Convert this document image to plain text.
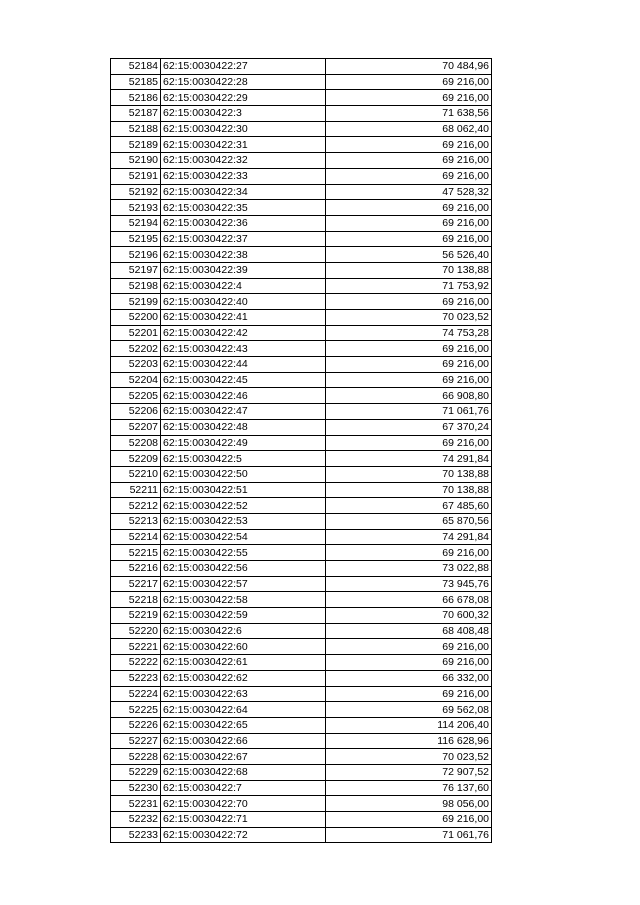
52184	62:15:0030422:27	70 484,96
52185	62:15:0030422:28	69 216,00
52186	62:15:0030422:29	69 216,00
52187	62:15:0030422:3	71 638,56
52188	62:15:0030422:30	68 062,40
52189	62:15:0030422:31	69 216,00
52190	62:15:0030422:32	69 216,00
52191	62:15:0030422:33	69 216,00
52192	62:15:0030422:34	47 528,32
52193	62:15:0030422:35	69 216,00
52194	62:15:0030422:36	69 216,00
52195	62:15:0030422:37	69 216,00
52196	62:15:0030422:38	56 526,40
52197	62:15:0030422:39	70 138,88
52198	62:15:0030422:4	71 753,92
52199	62:15:0030422:40	69 216,00
52200	62:15:0030422:41	70 023,52
52201	62:15:0030422:42	74 753,28
52202	62:15:0030422:43	69 216,00
52203	62:15:0030422:44	69 216,00
52204	62:15:0030422:45	69 216,00
52205	62:15:0030422:46	66 908,80
52206	62:15:0030422:47	71 061,76
52207	62:15:0030422:48	67 370,24
52208	62:15:0030422:49	69 216,00
52209	62:15:0030422:5	74 291,84
52210	62:15:0030422:50	70 138,88
52211	62:15:0030422:51	70 138,88
52212	62:15:0030422:52	67 485,60
52213	62:15:0030422:53	65 870,56
52214	62:15:0030422:54	74 291,84
52215	62:15:0030422:55	69 216,00
52216	62:15:0030422:56	73 022,88
52217	62:15:0030422:57	73 945,76
52218	62:15:0030422:58	66 678,08
52219	62:15:0030422:59	70 600,32
52220	62:15:0030422:6	68 408,48
52221	62:15:0030422:60	69 216,00
52222	62:15:0030422:61	69 216,00
52223	62:15:0030422:62	66 332,00
52224	62:15:0030422:63	69 216,00
52225	62:15:0030422:64	69 562,08
52226	62:15:0030422:65	114 206,40
52227	62:15:0030422:66	116 628,96
52228	62:15:0030422:67	70 023,52
52229	62:15:0030422:68	72 907,52
52230	62:15:0030422:7	76 137,60
52231	62:15:0030422:70	98 056,00
52232	62:15:0030422:71	69 216,00
52233	62:15:0030422:72	71 061,76
